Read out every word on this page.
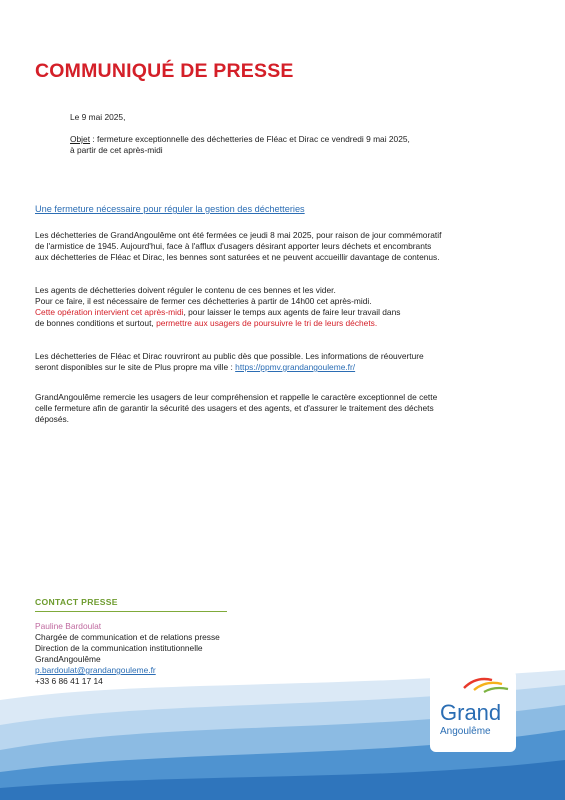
COMMUNIQUÉ DE PRESSE
Le 9 mai 2025,
Objet : fermeture exceptionnelle des déchetteries de Fléac et Dirac ce vendredi 9 mai 2025,
à partir de cet après-midi
Une fermeture nécessaire pour réguler la gestion des déchetteries
Les déchetteries de GrandAngoulême ont été fermées ce jeudi 8 mai 2025, pour raison de jour commémoratif
de l'armistice de 1945. Aujourd'hui, face à l'afflux d'usagers désirant apporter leurs déchets et encombrants
aux déchetteries de Fléac et Dirac, les bennes sont saturées et ne peuvent accueillir davantage de contenus.
Les agents de déchetteries doivent réguler le contenu de ces bennes et les vider.
Pour ce faire, il est nécessaire de fermer ces déchetteries à partir de 14h00 cet après-midi.
Cette opération intervient cet après-midi, pour laisser le temps aux agents de faire leur travail dans
de bonnes conditions et surtout, permettre aux usagers de poursuivre le tri de leurs déchets.
Les déchetteries de Fléac et Dirac rouvriront au public dès que possible. Les informations de réouverture
seront disponibles sur le site de Plus propre ma ville : https://ppmv.grandangouleme.fr/
GrandAngoulême remercie les usagers de leur compréhension et rappelle le caractère exceptionnel de cette
celle fermeture afin de garantir la sécurité des usagers et des agents, et d'assurer le traitement des déchets
déposés.
CONTACT PRESSE
Pauline Bardoulat
Chargée de communication et de relations presse
Direction de la communication institutionnelle
GrandAngoulême
p.bardoulat@grandangouleme.fr
+33 6 86 41 17 14
Grand
Angoulême
